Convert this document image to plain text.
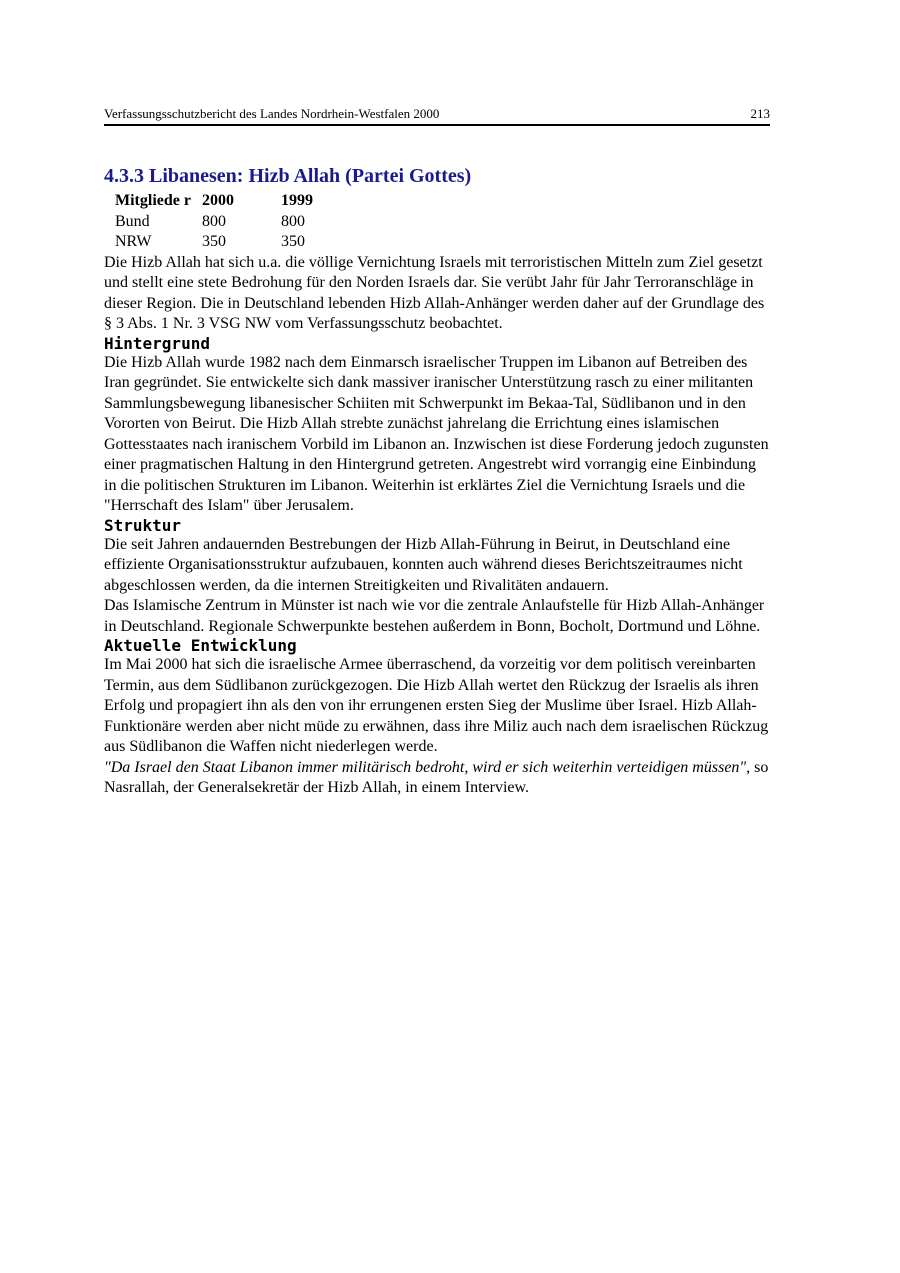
Verfassungsschutzbericht des Landes Nordrhein-Westfalen 2000	213
4.3.3 Libanesen: Hizb Allah (Partei Gottes)
Mitgliede r	2000	1999
Bund	800	800
NRW	350	350

Die Hizb Allah hat sich u.a. die völlige Vernichtung Israels mit terroristischen Mitteln zum Ziel gesetzt und stellt eine stete Bedrohung für den Norden Israels dar. Sie verübt Jahr für Jahr Terroranschläge in dieser Region. Die in Deutschland lebenden Hizb Allah-Anhänger werden daher auf der Grundlage des § 3 Abs. 1 Nr. 3 VSG NW vom Verfassungsschutz beobachtet.

Hintergrund

Die Hizb Allah wurde 1982 nach dem Einmarsch israelischer Truppen im Libanon auf Betreiben des Iran gegründet. Sie entwickelte sich dank massiver iranischer Unterstützung rasch zu einer militanten Sammlungsbewegung libanesischer Schiiten mit Schwerpunkt im Bekaa-Tal, Südlibanon und in den Vororten von Beirut. Die Hizb Allah strebte zunächst jahrelang die Errichtung eines islamischen Gottesstaates nach iranischem Vorbild im Libanon an. Inzwischen ist diese Forderung jedoch zugunsten einer pragmatischen Haltung in den Hintergrund getreten. Angestrebt wird vorrangig eine Einbindung in die politischen Strukturen im Libanon. Weiterhin ist erklärtes Ziel die Vernichtung Israels und die "Herrschaft des Islam" über Jerusalem.

Struktur

Die seit Jahren andauernden Bestrebungen der Hizb Allah-Führung in Beirut, in Deutschland eine effiziente Organisationsstruktur aufzubauen, konnten auch während dieses Berichtszeitraumes nicht abgeschlossen werden, da die internen Streitigkeiten und Rivalitäten andauern.

Das Islamische Zentrum in Münster ist nach wie vor die zentrale Anlaufstelle für Hizb Allah-Anhänger in Deutschland. Regionale Schwerpunkte bestehen außerdem in Bonn, Bocholt, Dortmund und Löhne.

Aktuelle Entwicklung

Im Mai 2000 hat sich die israelische Armee überraschend, da vorzeitig vor dem politisch vereinbarten Termin, aus dem Südlibanon zurückgezogen. Die Hizb Allah wertet den Rückzug der Israelis als ihren Erfolg und propagiert ihn als den von ihr errungenen ersten Sieg der Muslime über Israel. Hizb Allah-Funktionäre werden aber nicht müde zu erwähnen, dass ihre Miliz auch nach dem israelischen Rückzug aus Südlibanon die Waffen nicht niederlegen werde.

"Da Israel den Staat Libanon immer militärisch bedroht, wird er sich weiterhin verteidigen müssen", so Nasrallah, der Generalsekretär der Hizb Allah, in einem Interview.
